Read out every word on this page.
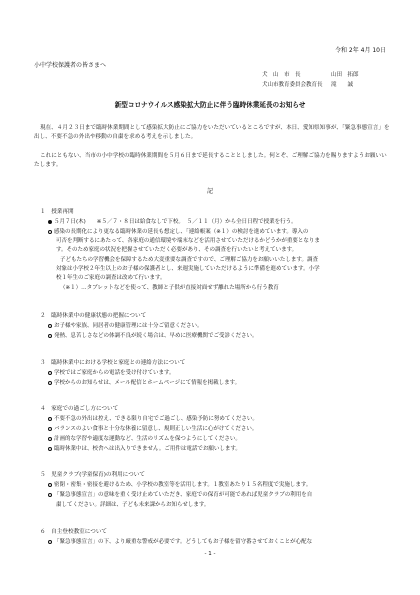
令和 2年 4月 10日
小中学校保護者の皆さまへ
犬　山　市　長	山田　拓郎
犬山市教育委員会教育長 滝　　誠
新型コロナウイルス感染拡大防止に伴う臨時休業延長のお知らせ
現在、４月２３日まで臨時休業期間として感染拡大防止にご協力をいただいているところですが、本日、愛知県知事が、「緊急事態宣言」を出し、不要不急の外出や移動の自粛を求める考えを示しました。
これにともない、当市の小中学校の臨時休業期間を５月６日まで延長することとしました。何とぞ、ご理解ご協力を賜りますようお願いいたします。
記
１　授業再開
５月７日(木)　　※５／７・８日は給食なしで下校。　５／１１（月）から全日日程で授業を行う。
感染の長期化により更なる臨時休業の延長も想定し、「連絡帳案（※１）の検討を進めています。導入の
可否を判断するにあたって、各家庭の通信環境や端末などを活用させていただけるかどうかが重要となりま
す。そのため家庭の状況を把握させていただく必要があり、その調査を行いたいと考えています。
子どもたちの学習機会を保障するため大変重要な調査ですので、ご理解ご協力をお願いいたします。調査
対象は小学校２年生以上のお子様の保護者とし、来週実施していただけるように準備を進めています。小学
校１年生のご家庭の調査は改めて行います。
（※１）…タブレットなどを使って、教師と子供が直接対面せず離れた場所から行う教育
２　臨時休業中の健康状態の把握について
お子様や家族、同居者の健康管理には十分ご留意ください。
発熱、息苦しさなどの体調不良が続く場合は、早めに医療機関でご受診ください。
３　臨時休業中における学校と家庭との連絡方法について
学校ではご家庭からの電話を受け付けています。
学校からのお知らせは、メール配信とホームページにて情報を掲載します。
４　家庭での過ごし方について
不要不急の外出は控え、できる限り自宅でご過ごし、感染予防に努めてください。
バランスのよい食事と十分な休養に留意し、規則正しい生活に心がけてください。
計画的な学習や適度な運動など、生活のリズムを保つようにしてください。
臨時休業中は、校舎へは出入りできません。ご用件は電話でお願いします。
５　児童クラブ(学童保育)の利用について
密閉・密集・密接を避けるため、小学校の教室等を活用します。１教室あたり１５名程度で実施します。
「緊急事態宣言」の意味を重く受け止めていただき、家庭での保育が可能であれば児童クラブの利用を自
粛してください。詳細は、子ども未来課からお知らせします。
６　自主登校教室について
「緊急事態宣言」の下、より厳重な警戒が必要です。どうしてもお子様を留守番させておくことが心配な
- 1 -
